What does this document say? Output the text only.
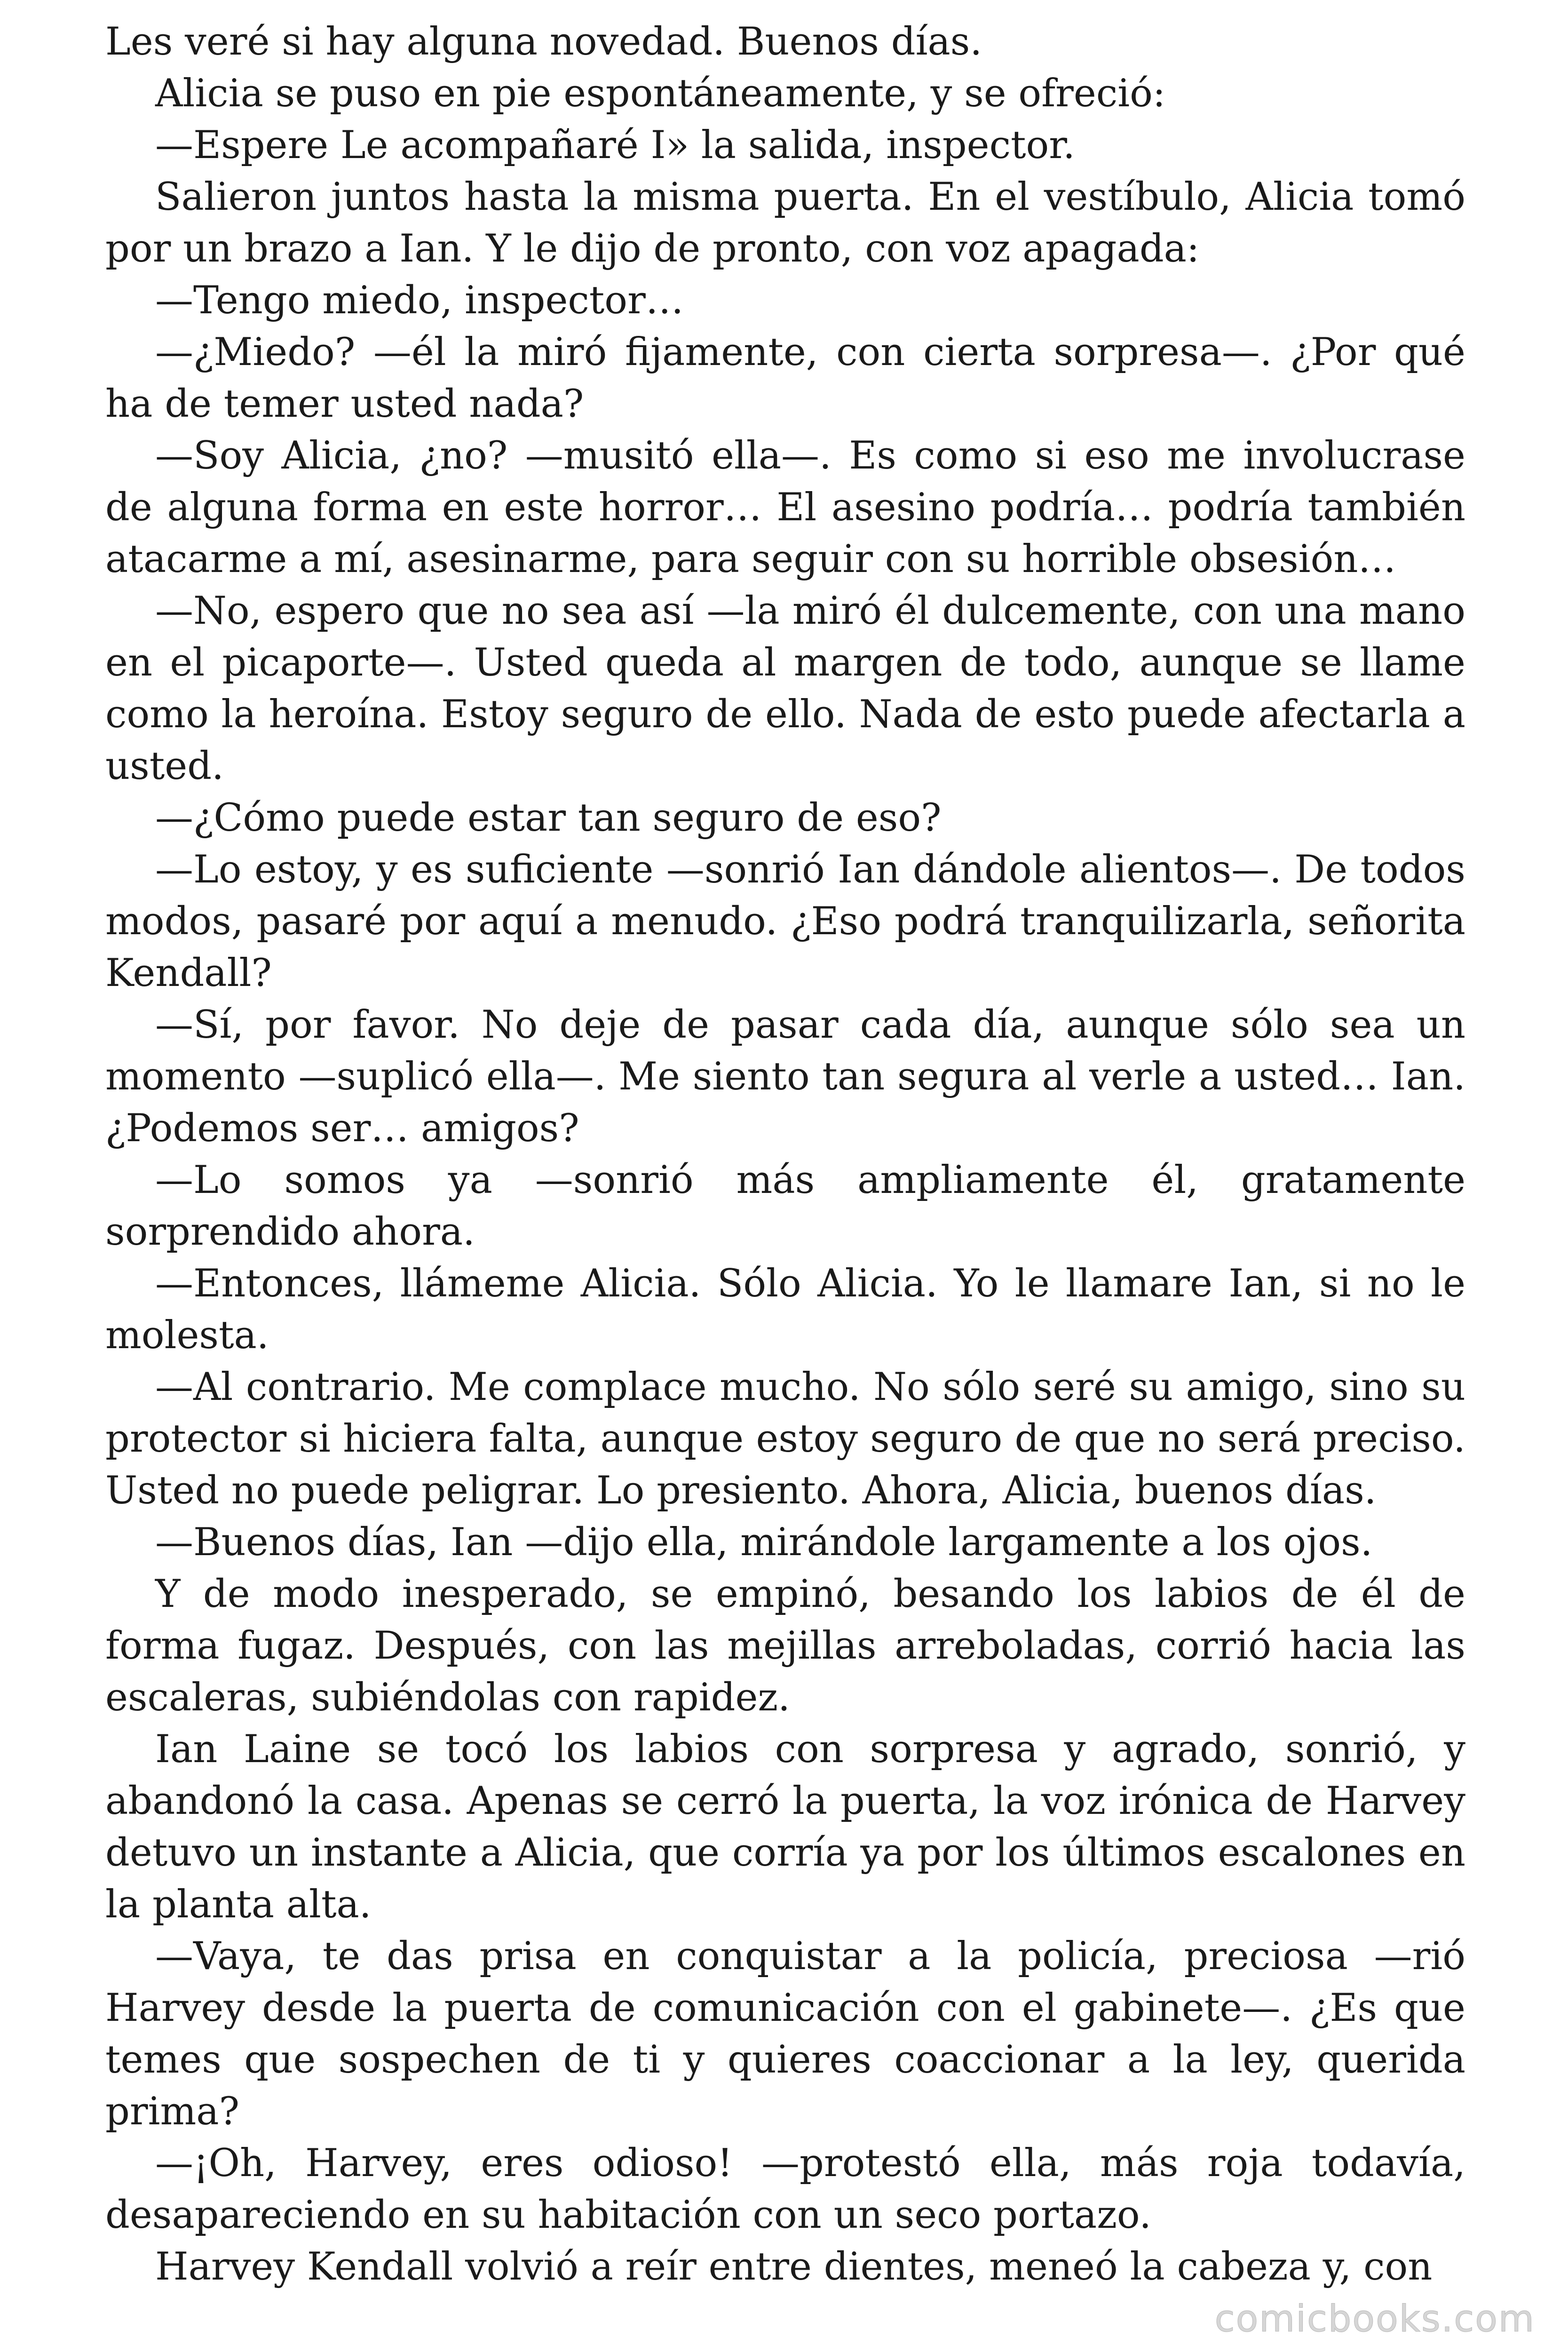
Les veré si hay alguna novedad. Buenos días.

Alicia se puso en pie espontáneamente, y se ofreció:

—Espere Le acompañaré I» la salida, inspector.

Salieron juntos hasta la misma puerta. En el vestíbulo, Alicia tomó por un brazo a Ian. Y le dijo de pronto, con voz apagada:

—Tengo miedo, inspector…

—¿Miedo? —él la miró fijamente, con cierta sorpresa—. ¿Por qué ha de temer usted nada?

—Soy Alicia, ¿no? —musitó ella—. Es como si eso me involucrase de alguna forma en este horror… El asesino podría… podría también atacarme a mí, asesinarme, para seguir con su horrible obsesión…

—No, espero que no sea así —la miró él dulcemente, con una mano en el picaporte—. Usted queda al margen de todo, aunque se llame como la heroína. Estoy seguro de ello. Nada de esto puede afectarla a usted.

—¿Cómo puede estar tan seguro de eso?

—Lo estoy, y es suficiente —sonrió Ian dándole alientos—. De todos modos, pasaré por aquí a menudo. ¿Eso podrá tranquilizarla, señorita Kendall?

—Sí, por favor. No deje de pasar cada día, aunque sólo sea un momento —suplicó ella—. Me siento tan segura al verle a usted… Ian. ¿Podemos ser… amigos?

—Lo somos ya —sonrió más ampliamente él, gratamente sorprendido ahora.

—Entonces, llámeme Alicia. Sólo Alicia. Yo le llamare Ian, si no le molesta.

—Al contrario. Me complace mucho. No sólo seré su amigo, sino su protector si hiciera falta, aunque estoy seguro de que no será preciso. Usted no puede peligrar. Lo presiento. Ahora, Alicia, buenos días.

—Buenos días, Ian —dijo ella, mirándole largamente a los ojos.

Y de modo inesperado, se empinó, besando los labios de él de forma fugaz. Después, con las mejillas arreboladas, corrió hacia las escaleras, subiéndolas con rapidez.

Ian Laine se tocó los labios con sorpresa y agrado, sonrió, y abandonó la casa. Apenas se cerró la puerta, la voz irónica de Harvey detuvo un instante a Alicia, que corría ya por los últimos escalones en la planta alta.

—Vaya, te das prisa en conquistar a la policía, preciosa —rió Harvey desde la puerta de comunicación con el gabinete—. ¿Es que temes que sospechen de ti y quieres coaccionar a la ley, querida prima?

—¡Oh, Harvey, eres odioso! —protestó ella, más roja todavía, desapareciendo en su habitación con un seco portazo.

Harvey Kendall volvió a reír entre dientes, meneó la cabeza y, con

comicbooks.com
